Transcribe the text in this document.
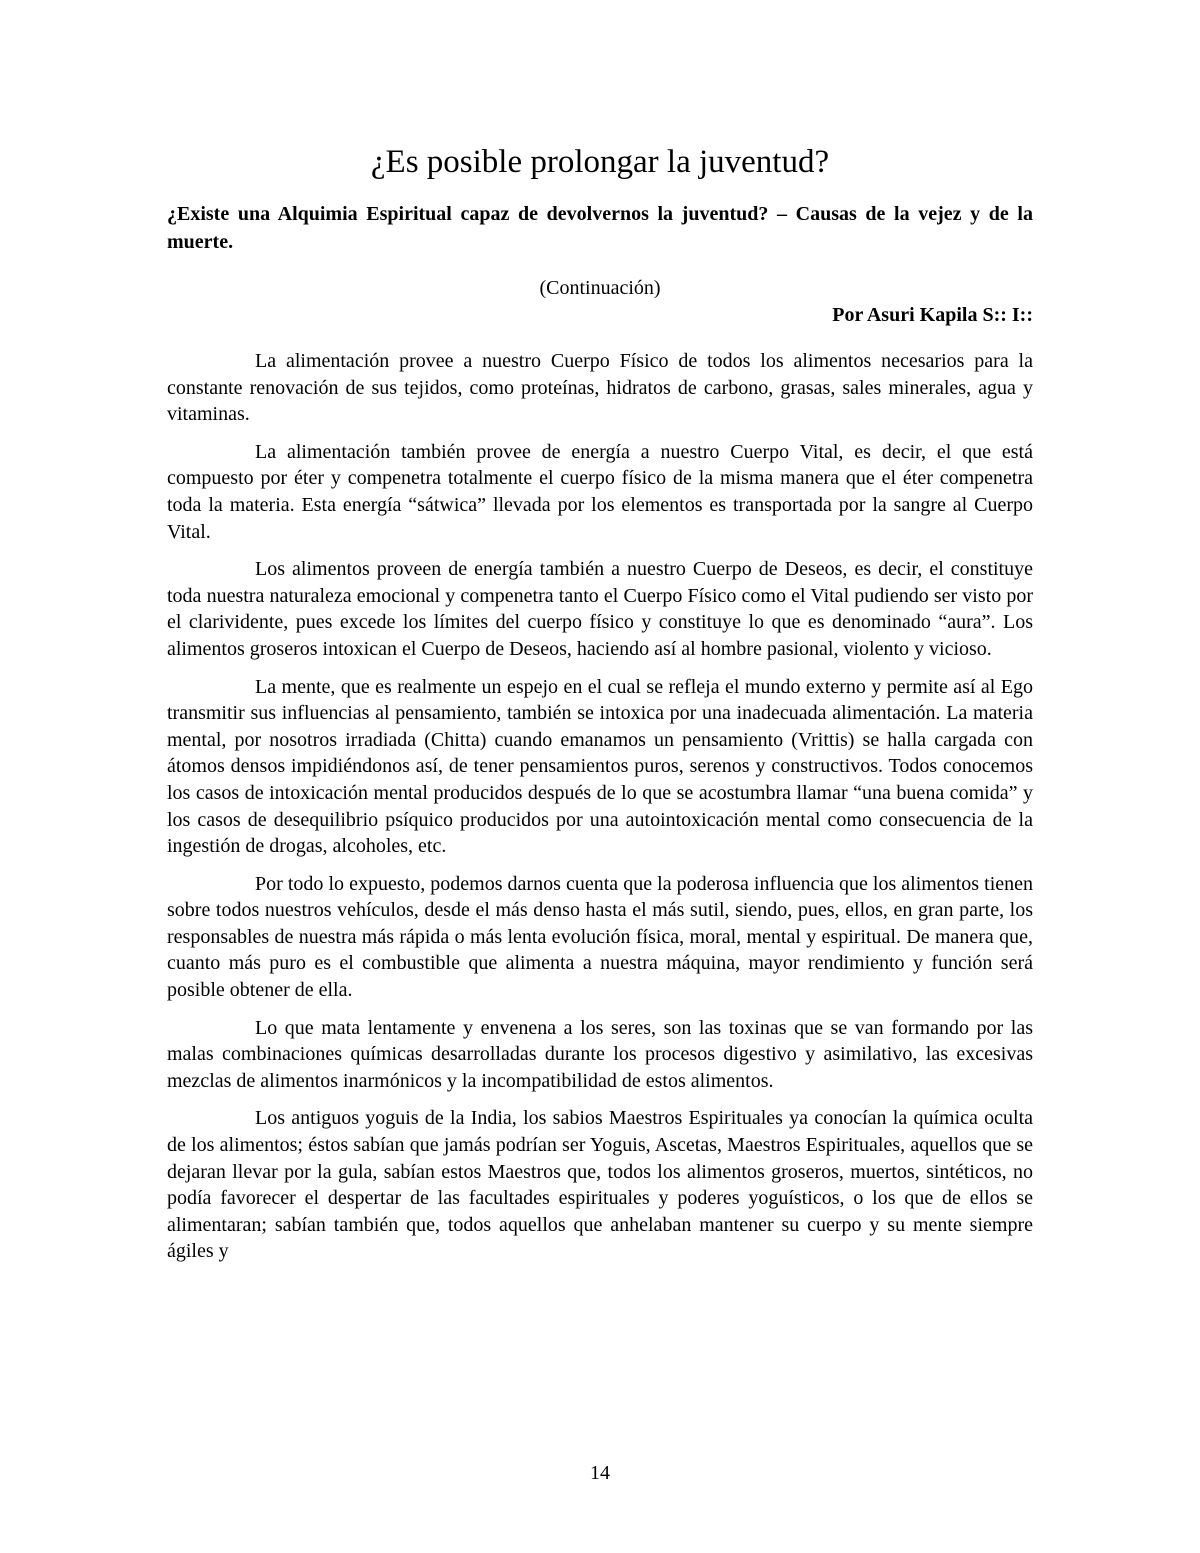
¿Es posible prolongar la juventud?

¿Existe una Alquimia Espiritual capaz de devolvernos la juventud? – Causas de la vejez y de la muerte.

(Continuación)

Por Asuri Kapila S:: I::

La alimentación provee a nuestro Cuerpo Físico de todos los alimentos necesarios para la constante renovación de sus tejidos, como proteínas, hidratos de carbono, grasas, sales minerales, agua y vitaminas.

La alimentación también provee de energía a nuestro Cuerpo Vital, es decir, el que está compuesto por éter y compenetra totalmente el cuerpo físico de la misma manera que el éter compenetra toda la materia. Esta energía “sátwica” llevada por los elementos es transportada por la sangre al Cuerpo Vital.

Los alimentos proveen de energía también a nuestro Cuerpo de Deseos, es decir, el constituye toda nuestra naturaleza emocional y compenetra tanto el Cuerpo Físico como el Vital pudiendo ser visto por el clarividente, pues excede los límites del cuerpo físico y constituye lo que es denominado “aura”. Los alimentos groseros intoxican el Cuerpo de Deseos, haciendo así al hombre pasional, violento y vicioso.

La mente, que es realmente un espejo en el cual se refleja el mundo externo y permite así al Ego transmitir sus influencias al pensamiento, también se intoxica por una inadecuada alimentación. La materia mental, por nosotros irradiada (Chitta) cuando emanamos un pensamiento (Vrittis) se halla cargada con átomos densos impidiéndonos así, de tener pensamientos puros, serenos y constructivos. Todos conocemos los casos de intoxicación mental producidos después de lo que se acostumbra llamar “una buena comida” y los casos de desequilibrio psíquico producidos por una autointoxicación mental como consecuencia de la ingestión de drogas, alcoholes, etc.

Por todo lo expuesto, podemos darnos cuenta que la poderosa influencia que los alimentos tienen sobre todos nuestros vehículos, desde el más denso hasta el más sutil, siendo, pues, ellos, en gran parte, los responsables de nuestra más rápida o más lenta evolución física, moral, mental y espiritual. De manera que, cuanto más puro es el combustible que alimenta a nuestra máquina, mayor rendimiento y función será posible obtener de ella.

Lo que mata lentamente y envenena a los seres, son las toxinas que se van formando por las malas combinaciones químicas desarrolladas durante los procesos digestivo y asimilativo, las excesivas mezclas de alimentos inarmónicos y la incompatibilidad de estos alimentos.

Los antiguos yoguis de la India, los sabios Maestros Espirituales ya conocían la química oculta de los alimentos; éstos sabían que jamás podrían ser Yoguis, Ascetas, Maestros Espirituales, aquellos que se dejaran llevar por la gula, sabían estos Maestros que, todos los alimentos groseros, muertos, sintéticos, no podía favorecer el despertar de las facultades espirituales y poderes yoguísticos, o los que de ellos se alimentaran; sabían también que, todos aquellos que anhelaban mantener su cuerpo y su mente siempre ágiles y

14
